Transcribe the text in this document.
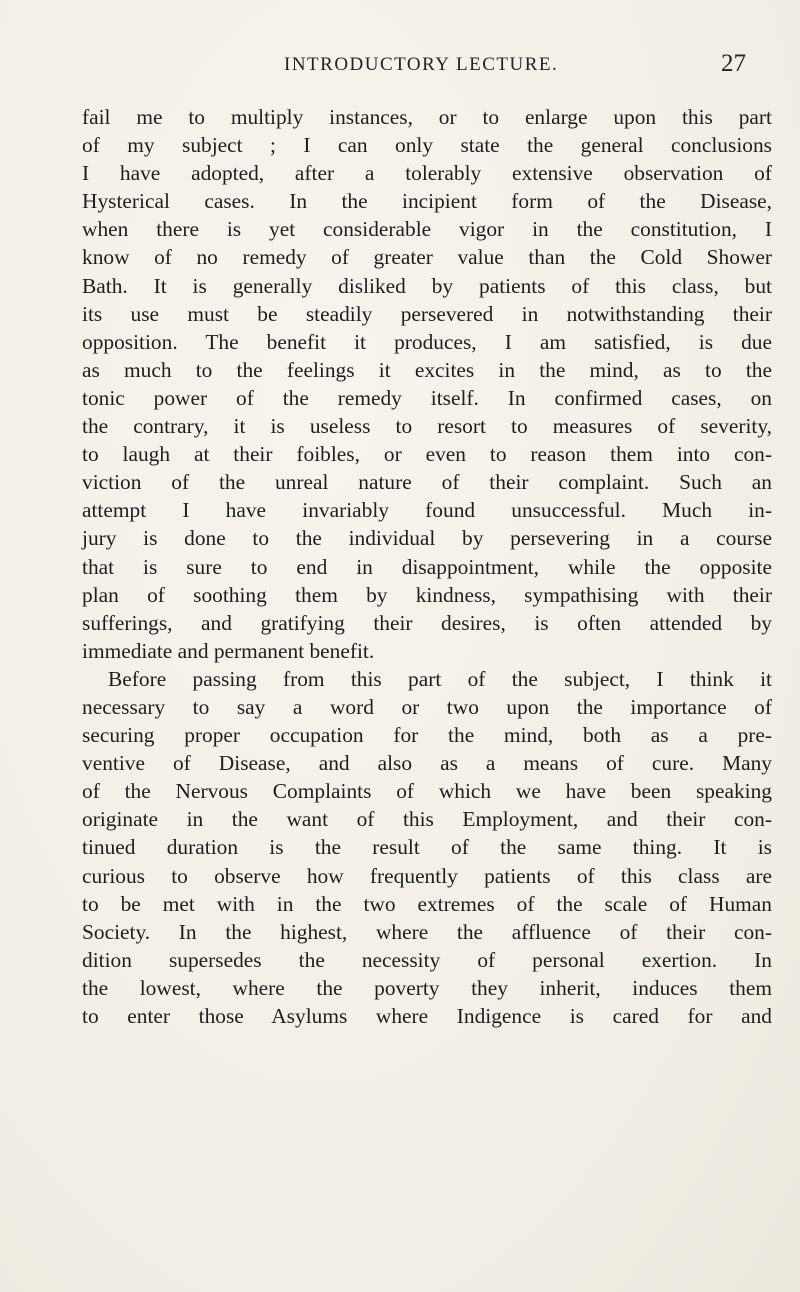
INTRODUCTORY LECTURE.	27
fail me to multiply instances, or to enlarge upon this part
of my subject ; I can only state the general conclusions
I have adopted, after a tolerably extensive observation of
Hysterical cases. In the incipient form of the Disease,
when there is yet considerable vigor in the constitution, I
know of no remedy of greater value than the Cold Shower
Bath. It is generally disliked by patients of this class, but
its use must be steadily persevered in notwithstanding their
opposition. The benefit it produces, I am satisfied, is due
as much to the feelings it excites in the mind, as to the
tonic power of the remedy itself. In confirmed cases, on
the contrary, it is useless to resort to measures of severity,
to laugh at their foibles, or even to reason them into con-
viction of the unreal nature of their complaint. Such an
attempt I have invariably found unsuccessful. Much in-
jury is done to the individual by persevering in a course
that is sure to end in disappointment, while the opposite
plan of soothing them by kindness, sympathising with their
sufferings, and gratifying their desires, is often attended by
immediate and permanent benefit.
Before passing from this part of the subject, I think it
necessary to say a word or two upon the importance of
securing proper occupation for the mind, both as a pre-
ventive of Disease, and also as a means of cure. Many
of the Nervous Complaints of which we have been speaking
originate in the want of this Employment, and their con-
tinued duration is the result of the same thing. It is
curious to observe how frequently patients of this class are
to be met with in the two extremes of the scale of Human
Society. In the highest, where the affluence of their con-
dition supersedes the necessity of personal exertion. In
the lowest, where the poverty they inherit, induces them
to enter those Asylums where Indigence is cared for and
